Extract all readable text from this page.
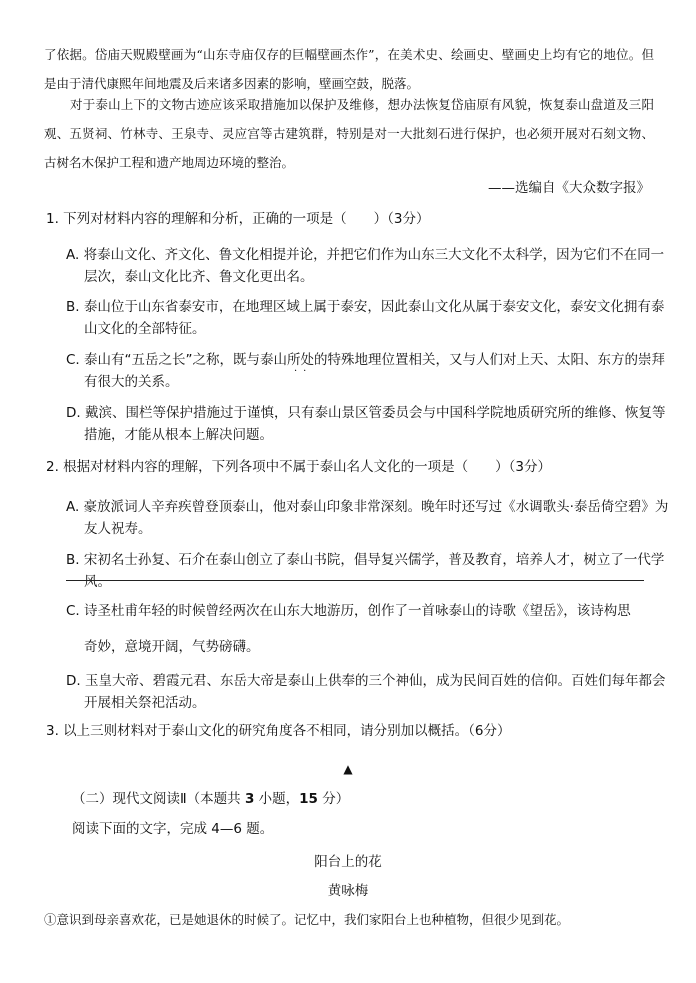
了依据。岱庙天贶殿壁画为“山东寺庙仅存的巨幅壁画杰作”，在美术史、绘画史、壁画史上均有它的地位。但是由于清代康熙年间地震及后来诸多因素的影响，壁画空鼓，脱落。
对于泰山上下的文物古迹应该采取措施加以保护及维修，想办法恢复岱庙原有风貌，恢复泰山盘道及三阳观、五贤祠、竹林寺、王泉寺、灵应宫等古建筑群，特别是对一大批刻石进行保护，也必须开展对石刻文物、古树名木保护工程和遗产地周边环境的整治。
——选编自《大众数字报》
1. 下列对材料内容的理解和分析，正确的一项是（　　）（3分）
A. 将泰山文化、齐文化、鲁文化相提并论，并把它们作为山东三大文化不太科学，因为它们不在同一层次，泰山文化比齐、鲁文化更出名。
B. 泰山位于山东省泰安市，在地理区域上属于泰安，因此泰山文化从属于泰安文化，泰安文化拥有泰山文化的全部特征。
C. 泰山有“五岳之长”之称，既与泰山所处的特殊地理位置相关，又与人们对上天、太阳、东方的崇拜有很大的关系。
··
D. 戴滨、围栏等保护措施过于谨慎，只有泰山景区管委员会与中国科学院地质研究所的维修、恢复等措施，才能从根本上解决问题。
2. 根据对材料内容的理解，下列各项中不属于泰山名人文化的一项是（　　）（3分）
A. 豪放派词人辛弃疾曾登顶泰山，他对泰山印象非常深刻。晚年时还写过《水调歌头·泰岳倚空碧》为友人祝寿。
B. 宋初名士孙复、石介在泰山创立了泰山书院，倡导复兴儒学，普及教育，培养人才，树立了一代学风。
C. 诗圣杜甫年轻的时候曾经两次在山东大地游历，创作了一首咏泰山的诗歌《望岳》，该诗构思
奇妙，意境开阔，气势磅礴。
D. 玉皇大帝、碧霞元君、东岳大帝是泰山上供奉的三个神仙，成为民间百姓的信仰。百姓们每年都会开展相关祭祀活动。
3. 以上三则材料对于泰山文化的研究角度各不相同，请分别加以概括。（6分）
▲
（二）现代文阅读Ⅱ（本题共 3 小题，15 分）
阅读下面的文字，完成 4—6 题。
阳台上的花
黄咏梅
①意识到母亲喜欢花，已是她退休的时候了。记忆中，我们家阳台上也种植物，但很少见到花。
